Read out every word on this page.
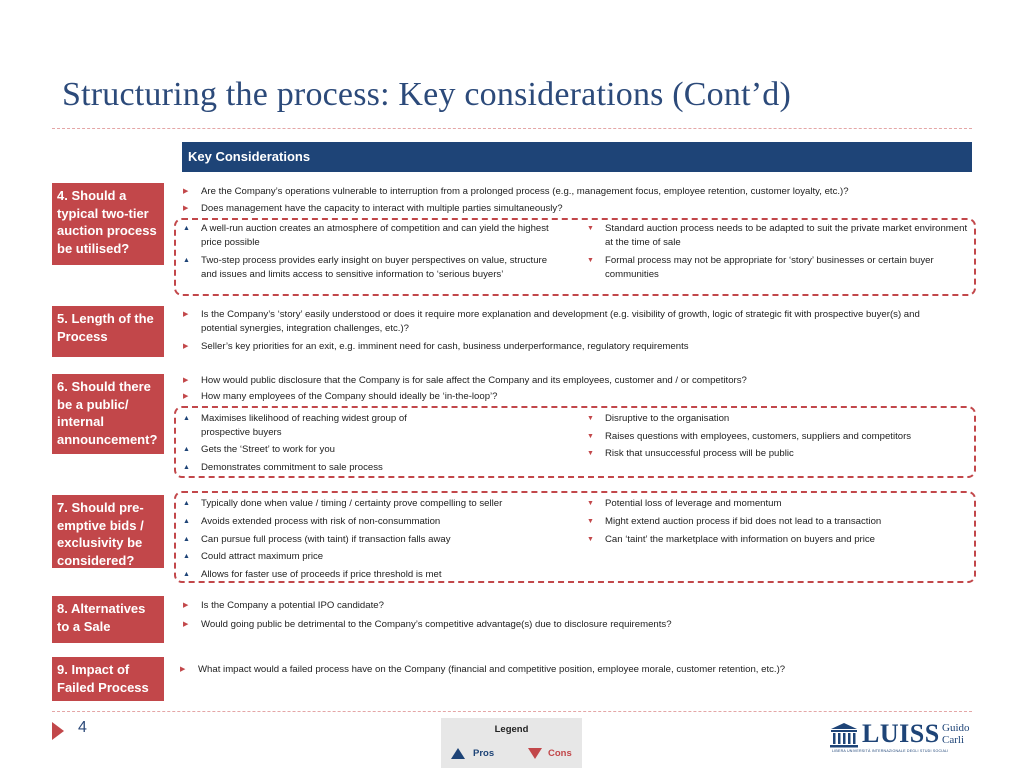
Structuring the process: Key considerations (Cont’d)
Key Considerations
4. Should a typical two-tier auction process be utilised?
▶	Are the Company’s operations vulnerable to interruption from a prolonged process (e.g., management focus, employee retention, customer loyalty, etc.)?
▶	Does management have the capacity to interact with multiple parties simultaneously?
▲	A well-run auction creates an atmosphere of competition and can yield the highest price possible
▲	Two-step process provides early insight on buyer perspectives on value, structure and issues and limits access to sensitive information to ‘serious buyers’
▼	Standard auction process needs to be adapted to suit the private market environment at the time of sale
▼	Formal process may not be appropriate for ‘story’ businesses or certain buyer communities
5. Length of the Process
▶	Is the Company’s ‘story’ easily understood or does it require more explanation and development (e.g. visibility of growth, logic of strategic fit with prospective buyer(s) and potential synergies, integration challenges, etc.)?
▶	Seller’s key priorities for an exit, e.g. imminent need for cash, business underperformance, regulatory requirements
6. Should there be a public/ internal announcement?
▶	How would public disclosure that the Company is for sale affect the Company and its employees, customer and / or competitors?
▶	How many employees of the Company should ideally be ‘in-the-loop’?
▲	Maximises likelihood of reaching widest group of prospective buyers
▲	Gets the ‘Street’ to work for you
▲	Demonstrates commitment to sale process
▼	Disruptive to the organisation
▼	Raises questions with employees, customers, suppliers and competitors
▼	Risk that unsuccessful process will be public
7. Should pre-emptive bids / exclusivity be considered?
▲	Typically done when value / timing / certainty prove compelling to seller
▲	Avoids extended process with risk of non-consummation
▲	Can pursue full process (with taint) if transaction falls away
▲	Could attract maximum price
▲	Allows for faster use of proceeds if price threshold is met
▼	Potential loss of leverage and momentum
▼	Might extend auction process if bid does not lead to a transaction
▼	Can ‘taint’ the marketplace with information on buyers and price
8. Alternatives to a Sale
▶	Is the Company a potential IPO candidate?
▶	Would going public be detrimental to the Company’s competitive advantage(s) due to disclosure requirements?
9. Impact of Failed Process
▶	What impact would a failed process have on the Company (financial and competitive position, employee morale, customer retention, etc.)?
4	Legend
Pros	Cons
LUISS Guido
Carli
LIBERA UNIVERSITÀ INTERNAZIONALE DEGLI STUDI SOCIALI
